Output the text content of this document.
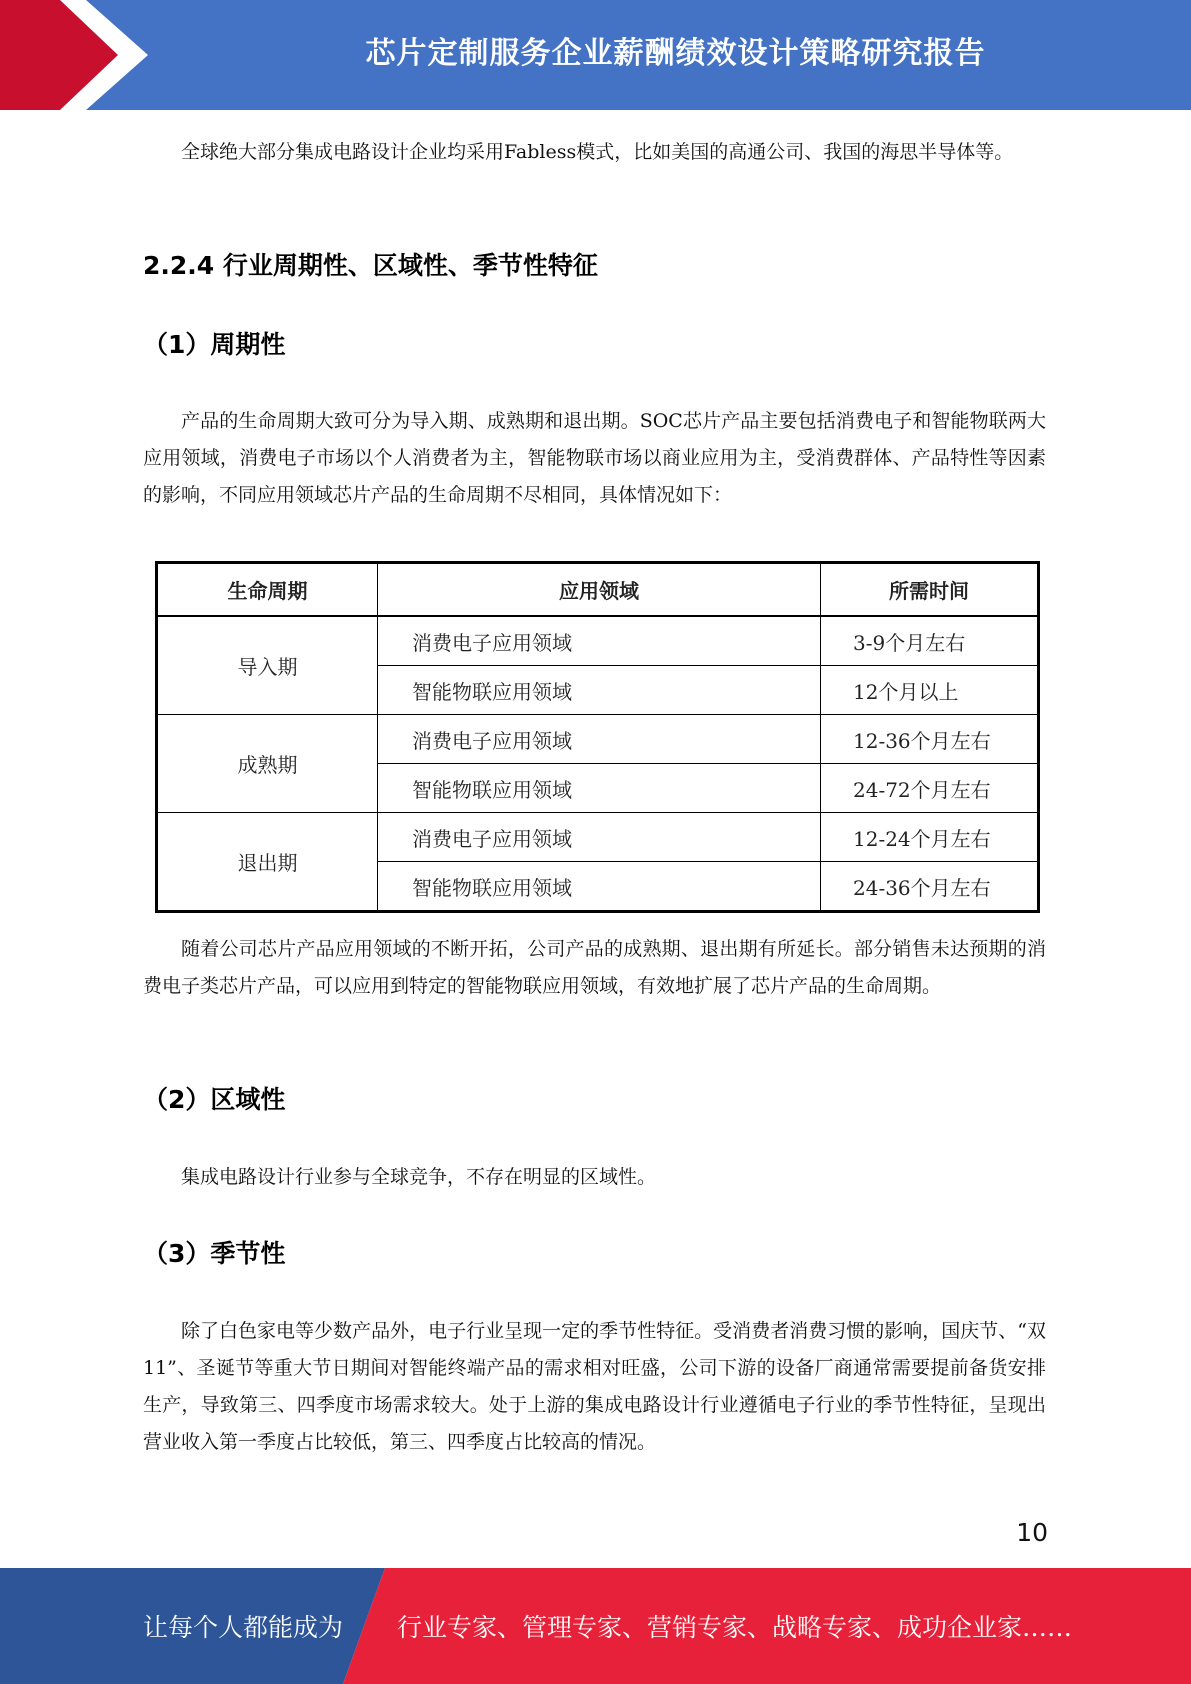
芯片定制服务企业薪酬绩效设计策略研究报告

全球绝大部分集成电路设计企业均采用Fabless模式，比如美国的高通公司、我国的海思半导体等。

2.2.4 行业周期性、区域性、季节性特征
（1）周期性

产品的生命周期大致可分为导入期、成熟期和退出期。SOC芯片产品主要包括消费电子和智能物联两大应用领域，消费电子市场以个人消费者为主，智能物联市场以商业应用为主，受消费群体、产品特性等因素的影响，不同应用领域芯片产品的生命周期不尽相同，具体情况如下：

生命周期	应用领域	所需时间
导入期	消费电子应用领域	3-9个月左右
	智能物联应用领域	12个月以上
成熟期	消费电子应用领域	12-36个月左右
	智能物联应用领域	24-72个月左右
退出期	消费电子应用领域	12-24个月左右
	智能物联应用领域	24-36个月左右

随着公司芯片产品应用领域的不断开拓，公司产品的成熟期、退出期有所延长。部分销售未达预期的消费电子类芯片产品，可以应用到特定的智能物联应用领域，有效地扩展了芯片产品的生命周期。

（2）区域性

集成电路设计行业参与全球竞争，不存在明显的区域性。

（3）季节性

除了白色家电等少数产品外，电子行业呈现一定的季节性特征。受消费者消费习惯的影响，国庆节、“双11”、圣诞节等重大节日期间对智能终端产品的需求相对旺盛，公司下游的设备厂商通常需要提前备货安排生产，导致第三、四季度市场需求较大。处于上游的集成电路设计行业遵循电子行业的季节性特征，呈现出营业收入第一季度占比较低，第三、四季度占比较高的情况。

10
让每个人都能成为 行业专家、管理专家、营销专家、战略专家、成功企业家……
